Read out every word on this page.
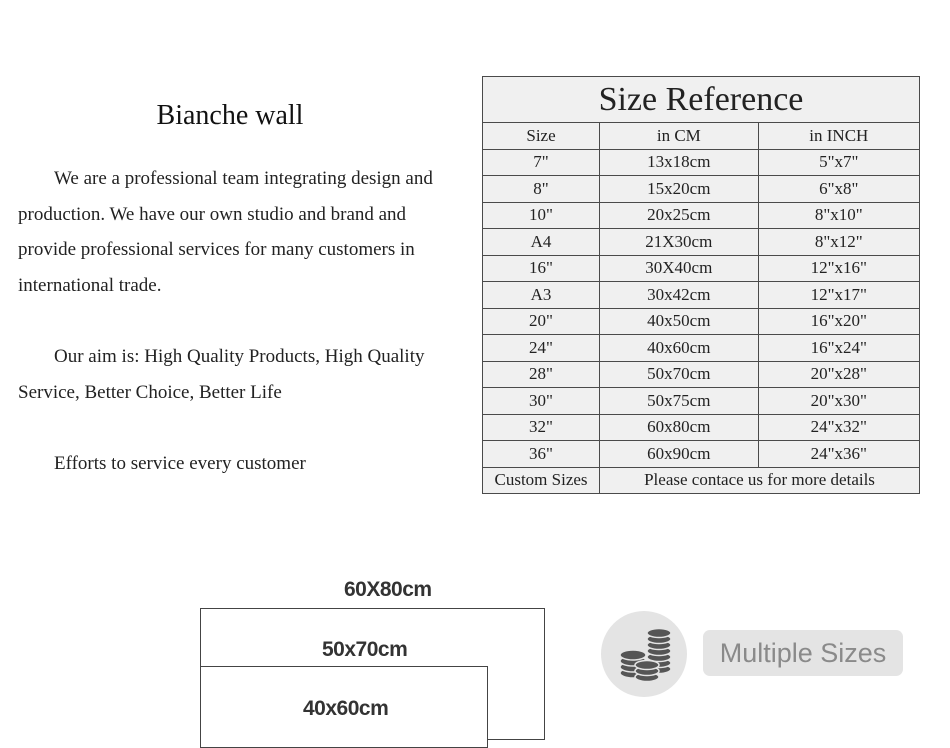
Bianche wall

We are a professional team integrating design and production. We have our own studio and brand and provide professional services for many customers in international trade.

Our aim is: High Quality Products, High Quality Service, Better Choice, Better Life

Efforts to service every customer

Size Reference		
Size	in CM	in INCH
7"	13x18cm	5"x7"
8"	15x20cm	6"x8"
10"	20x25cm	8"x10"
A4	21X30cm	8"x12"
16"	30X40cm	12"x16"
A3	30x42cm	12"x17"
20"	40x50cm	16"x20"
24"	40x60cm	16"x24"
28"	50x70cm	20"x28"
30"	50x75cm	20"x30"
32"	60x80cm	24"x32"
36"	60x90cm	24"x36"
Custom Sizes	Please contace us for more details	
60X80cm
50x70cm
40x60cm
Multiple Sizes
